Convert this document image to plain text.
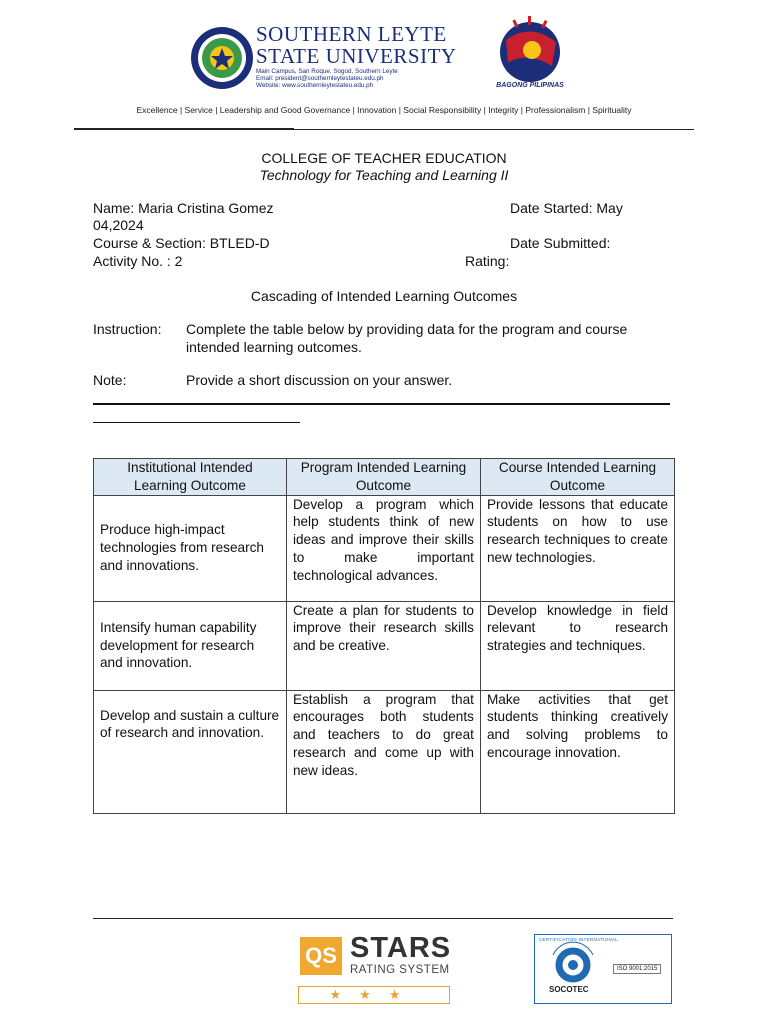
SOUTHERN LEYTE
STATE UNIVERSITY
Main Campus, San Roque, Sogod, Southern Leyte
Email: president@southernleytestateu.edu.ph
Website: www.southernleytestateu.edu.ph	BAGONG PILIPINAS
Excellence | Service | Leadership and Good Governance | Innovation | Social Responsibility | Integrity | Professionalism | Spirituality
COLLEGE OF TEACHER EDUCATION
Technology for Teaching and Learning II
Name: Maria Cristina Gomez	Date Started: May
04,2024
Course & Section: BTLED-D	Date Submitted:
Activity No. : 2	Rating:
Cascading of Intended Learning Outcomes
Instruction: Complete the table below by providing data for the program and course
intended learning outcomes.
Note:	Provide a short discussion on your answer.
Institutional Intended Learning Outcome	Program Intended Learning Outcome	Course Intended Learning Outcome
Produce high-impact technologies from research and innovations.	Develop a program which help students think of new ideas and improve their skills to make important technological advances.	Provide lessons that educate students on how to use research techniques to create new technologies.
Intensify human capability development for research and innovation.	Create a plan for students to improve their research skills and be creative.	Develop knowledge in field relevant to research strategies and techniques.
Develop and sustain a culture of research and innovation.	Establish a program that encourages both students and teachers to do great research and come up with new ideas.	Make activities that get students thinking creatively and solving problems to encourage innovation.
QS STARS
RATING SYSTEM
★★★
CERTIFICATION INTERNATIONAL
SOCOTEC
ISO 9001:2015
